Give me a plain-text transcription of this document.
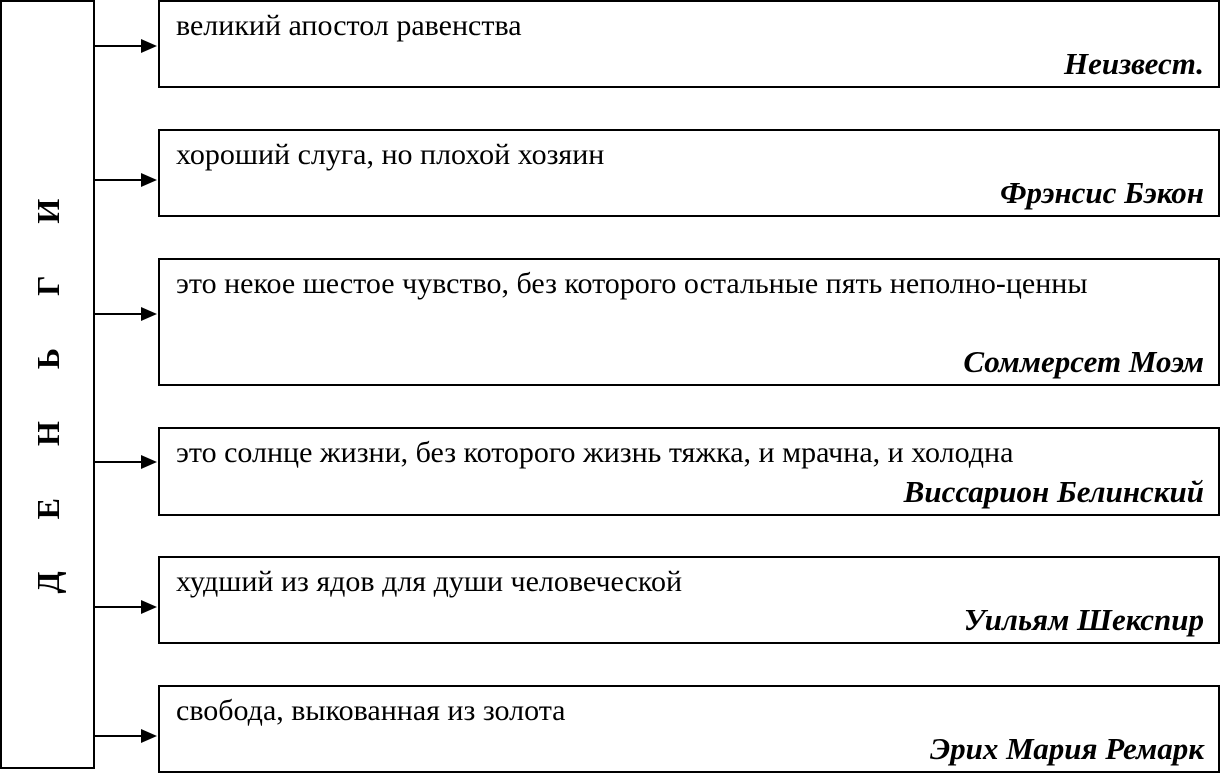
Д Е Н Ь Г И
великий апостол равенства
Неизвест.
хороший слуга, но плохой хозяин
Фрэнсис Бэкон
это некое шестое чувство, без которого остальные пять неполно-ценны
Соммерсет Моэм
это солнце жизни, без которого жизнь тяжка, и мрачна, и холодна
Виссарион Белинский
худший из ядов для души человеческой
Уильям Шекспир
свобода, выкованная из золота
Эрих Мария Ремарк
